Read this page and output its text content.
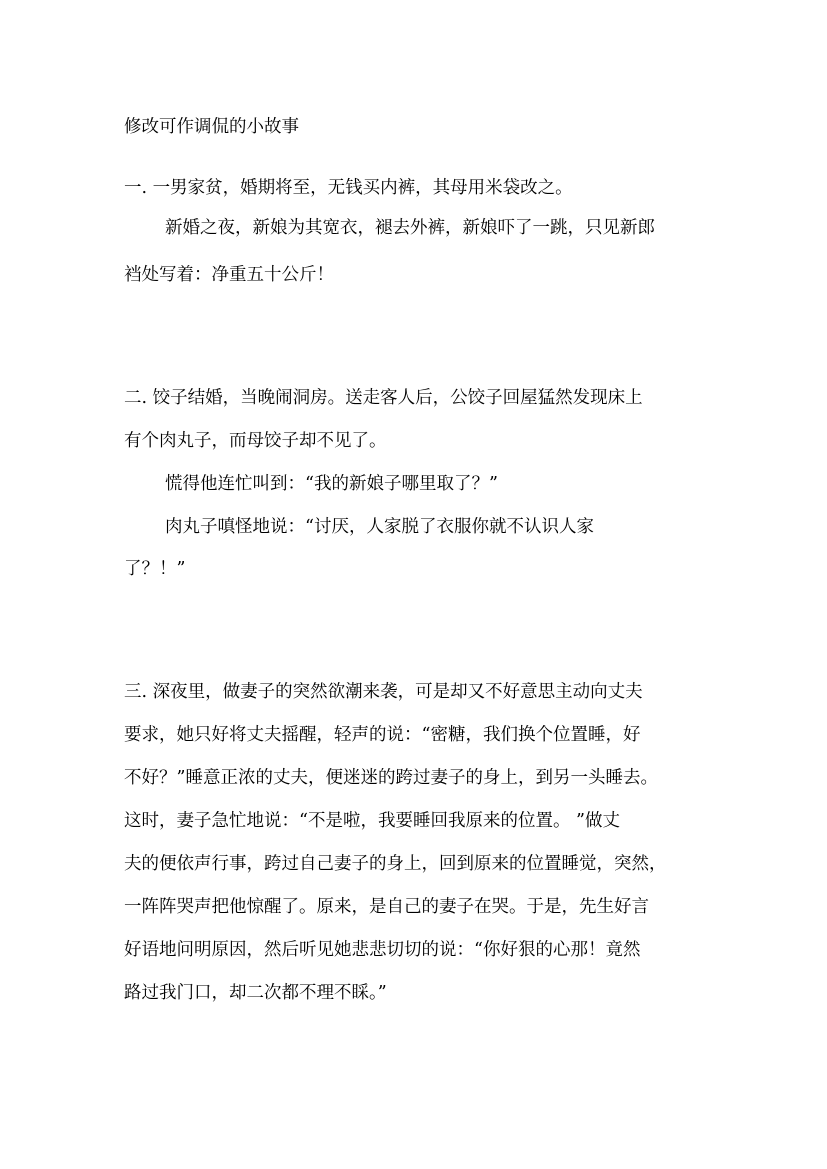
修改可作调侃的小故事
一. 一男家贫，婚期将至，无钱买内裤，其母用米袋改之。
新婚之夜，新娘为其宽衣，褪去外裤，新娘吓了一跳，只见新郎
裆处写着：净重五十公斤！
二. 饺子结婚，当晚闹洞房。送走客人后，公饺子回屋猛然发现床上
有个肉丸子，而母饺子却不见了。
慌得他连忙叫到：“我的新娘子哪里取了？”
肉丸子嗔怪地说：“讨厌，人家脱了衣服你就不认识人家
了？！”
三. 深夜里，做妻子的突然欲潮来袭，可是却又不好意思主动向丈夫
要求，她只好将丈夫摇醒，轻声的说：“密糖，我们换个位置睡，好
不好？”睡意正浓的丈夫，便迷迷的跨过妻子的身上，到另一头睡去。
这时，妻子急忙地说：“不是啦，我要睡回我原来的位置。 ”做丈
夫的便依声行事，跨过自己妻子的身上，回到原来的位置睡觉，突然，
一阵阵哭声把他惊醒了。原来，是自己的妻子在哭。于是，先生好言
好语地问明原因，然后听见她悲悲切切的说：“你好狠的心那！竟然
路过我门口，却二次都不理不睬。”
